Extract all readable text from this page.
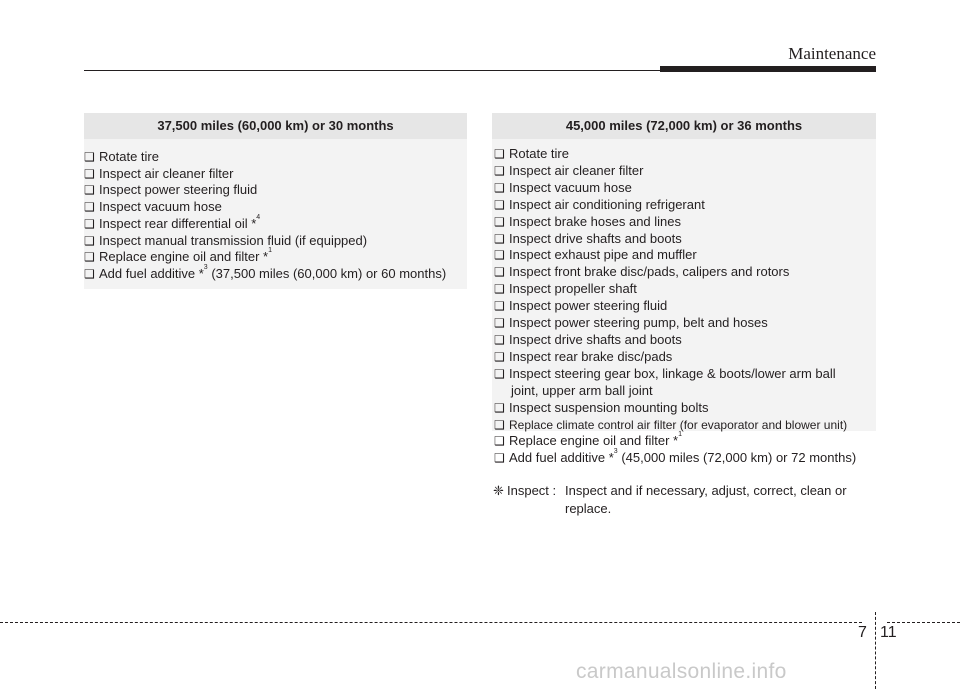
Maintenance
37,500 miles (60,000 km) or 30 months
❑ Rotate tire
❑ Inspect air cleaner filter
❑ Inspect power steering fluid
❑ Inspect vacuum hose
❑ Inspect rear differential oil *$^4$
❑ Inspect manual transmission fluid (if equipped)
❑ Replace engine oil and filter *$^1$
❑ Add fuel additive *$^3$ (37,500 miles (60,000 km) or 60 months)
45,000 miles (72,000 km) or 36 months
❑ Rotate tire
❑ Inspect air cleaner filter
❑ Inspect vacuum hose
❑ Inspect air conditioning refrigerant
❑ Inspect brake hoses and lines
❑ Inspect drive shafts and boots
❑ Inspect exhaust pipe and muffler
❑ Inspect front brake disc/pads, calipers and rotors
❑ Inspect propeller shaft
❑ Inspect power steering fluid
❑ Inspect power steering pump, belt and hoses
❑ Inspect drive shafts and boots
❑ Inspect rear brake disc/pads
❑ Inspect steering gear box, linkage & boots/lower arm ball
joint, upper arm ball joint
❑ Inspect suspension mounting bolts
❑ Replace climate control air filter (for evaporator and blower unit)
❑ Replace engine oil and filter *$^1$
❑ Add fuel additive *$^3$ (45,000 miles (72,000 km) or 72 months)
❈ Inspect : Inspect and if necessary, adjust, correct, clean or
replace.
7 11
carmanualsonline.info
